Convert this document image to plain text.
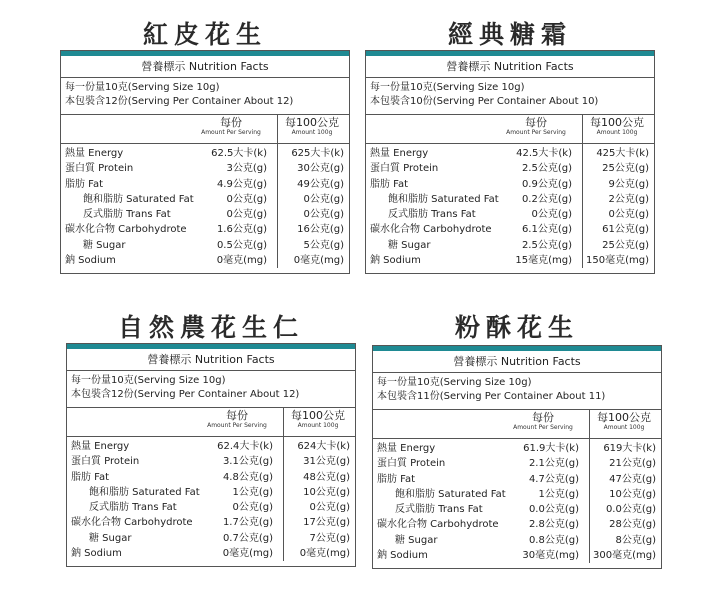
紅皮花生
營養標示 Nutrition Facts
每一份量10克(Serving Size 10g)
本包裝含12份(Serving Per Container About 12)
每份
Amount Per Serving
每100公克
Amount 100g
熱量 Energy	62.5大卡(k) 625大卡(k)
蛋白質 Protein	3公克(g)	30公克(g)
脂肪 Fat	4.9公克(g)	49公克(g)
飽和脂肪 Saturated Fat	0公克(g)	0公克(g)
反式脂肪 Trans Fat	0公克(g)	0公克(g)
碳水化合物 Carbohydrote	1.6公克(g)	16公克(g)
糖 Sugar	0.5公克(g)	5公克(g)
鈉 Sodium	0毫克(mg)	0毫克(mg)
經典糖霜
營養標示 Nutrition Facts
每一份量10克(Serving Size 10g)
本包裝含10份(Serving Per Container About 10)
每份
Amount Per Serving
每100公克
Amount 100g
熱量 Energy	42.5大卡(k) 425大卡(k)
蛋白質 Protein	2.5公克(g)	25公克(g)
脂肪 Fat	0.9公克(g)	9公克(g)
飽和脂肪 Saturated Fat 0.2公克(g)	2公克(g)
反式脂肪 Trans Fat	0公克(g)	0公克(g)
碳水化合物 Carbohydrote	6.1公克(g)	61公克(g)
糖 Sugar	2.5公克(g)	25公克(g)
鈉 Sodium	15毫克(mg) 150毫克(mg)
自然農花生仁
營養標示 Nutrition Facts
每一份量10克(Serving Size 10g)
本包裝含12份(Serving Per Container About 12)
每份
Amount Per Serving
每100公克
Amount 100g
熱量 Energy	62.4大卡(k) 624大卡(k)
蛋白質 Protein	3.1公克(g)	31公克(g)
脂肪 Fat	4.8公克(g)	48公克(g)
飽和脂肪 Saturated Fat	1公克(g)	10公克(g)
反式脂肪 Trans Fat	0公克(g)	0公克(g)
碳水化合物 Carbohydrote	1.7公克(g)	17公克(g)
糖 Sugar	0.7公克(g)	7公克(g)
鈉 Sodium	0毫克(mg)	0毫克(mg)
粉酥花生
營養標示 Nutrition Facts
每一份量10克(Serving Size 10g)
本包裝含11份(Serving Per Container About 11)
每份
Amount Per Serving
每100公克
Amount 100g
熱量 Energy	61.9大卡(k) 619大卡(k)
蛋白質 Protein	2.1公克(g)	21公克(g)
脂肪 Fat	4.7公克(g)	47公克(g)
飽和脂肪 Saturated Fat	1公克(g)	10公克(g)
反式脂肪 Trans Fat	0.0公克(g)	0.0公克(g)
碳水化合物 Carbohydrote	2.8公克(g)	28公克(g)
糖 Sugar	0.8公克(g)	8公克(g)
鈉 Sodium	30毫克(mg) 300毫克(mg)
